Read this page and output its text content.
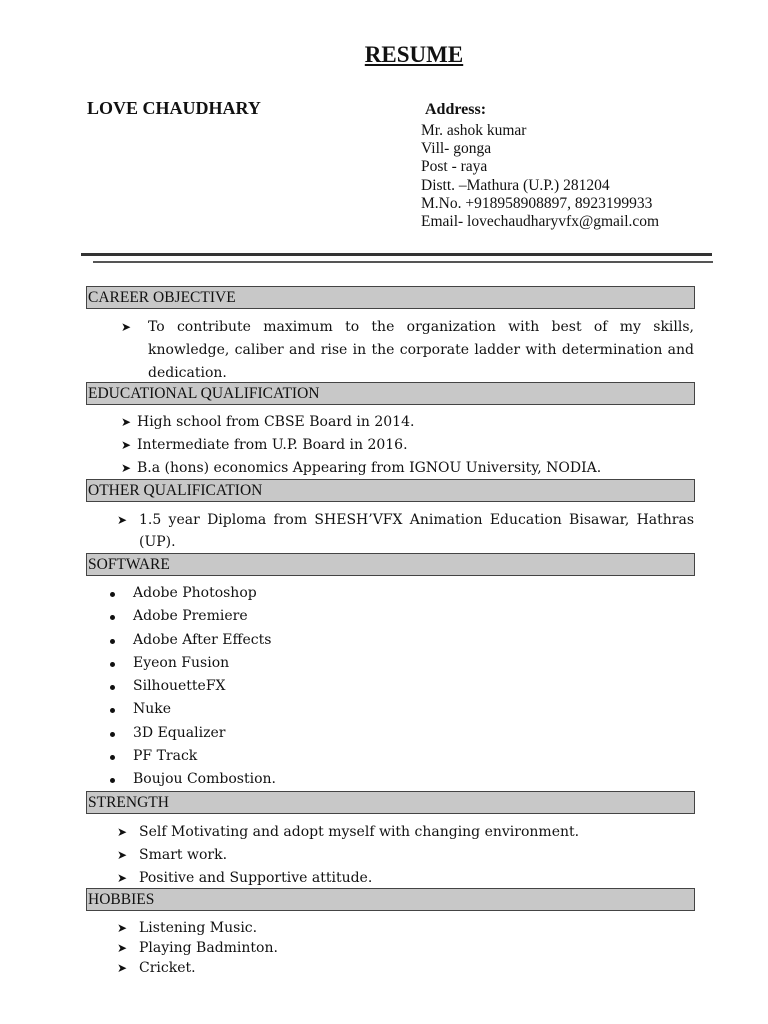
RESUME
LOVE CHAUDHARY	Address:
Mr. ashok kumar
Vill- gonga
Post - raya
Distt. –Mathura (U.P.) 281204
M.No. +918958908897, 8923199933
Email- lovechaudharyvfx@gmail.com
CAREER OBJECTIVE
➤	To contribute maximum to the organization with best of my skills, knowledge, caliber and rise in the corporate ladder with determination and dedication.
EDUCATIONAL QUALIFICATION
➤ High school from CBSE Board in 2014.
➤ Intermediate from U.P. Board in 2016.
➤ B.a (hons) economics Appearing from IGNOU University, NODIA.
OTHER QUALIFICATION
➤ 1.5 year Diploma from SHESH’VFX Animation Education Bisawar, Hathras (UP).
SOFTWARE
Adobe Photoshop
Adobe Premiere
Adobe After Effects
Eyeon Fusion
SilhouetteFX
Nuke
3D Equalizer
PF Track
Boujou Combostion.
STRENGTH
➤ Self Motivating and adopt myself with changing environment.
➤ Smart work.
➤ Positive and Supportive attitude.
HOBBIES
➤ Listening Music.
➤ Playing Badminton.
➤ Cricket.
